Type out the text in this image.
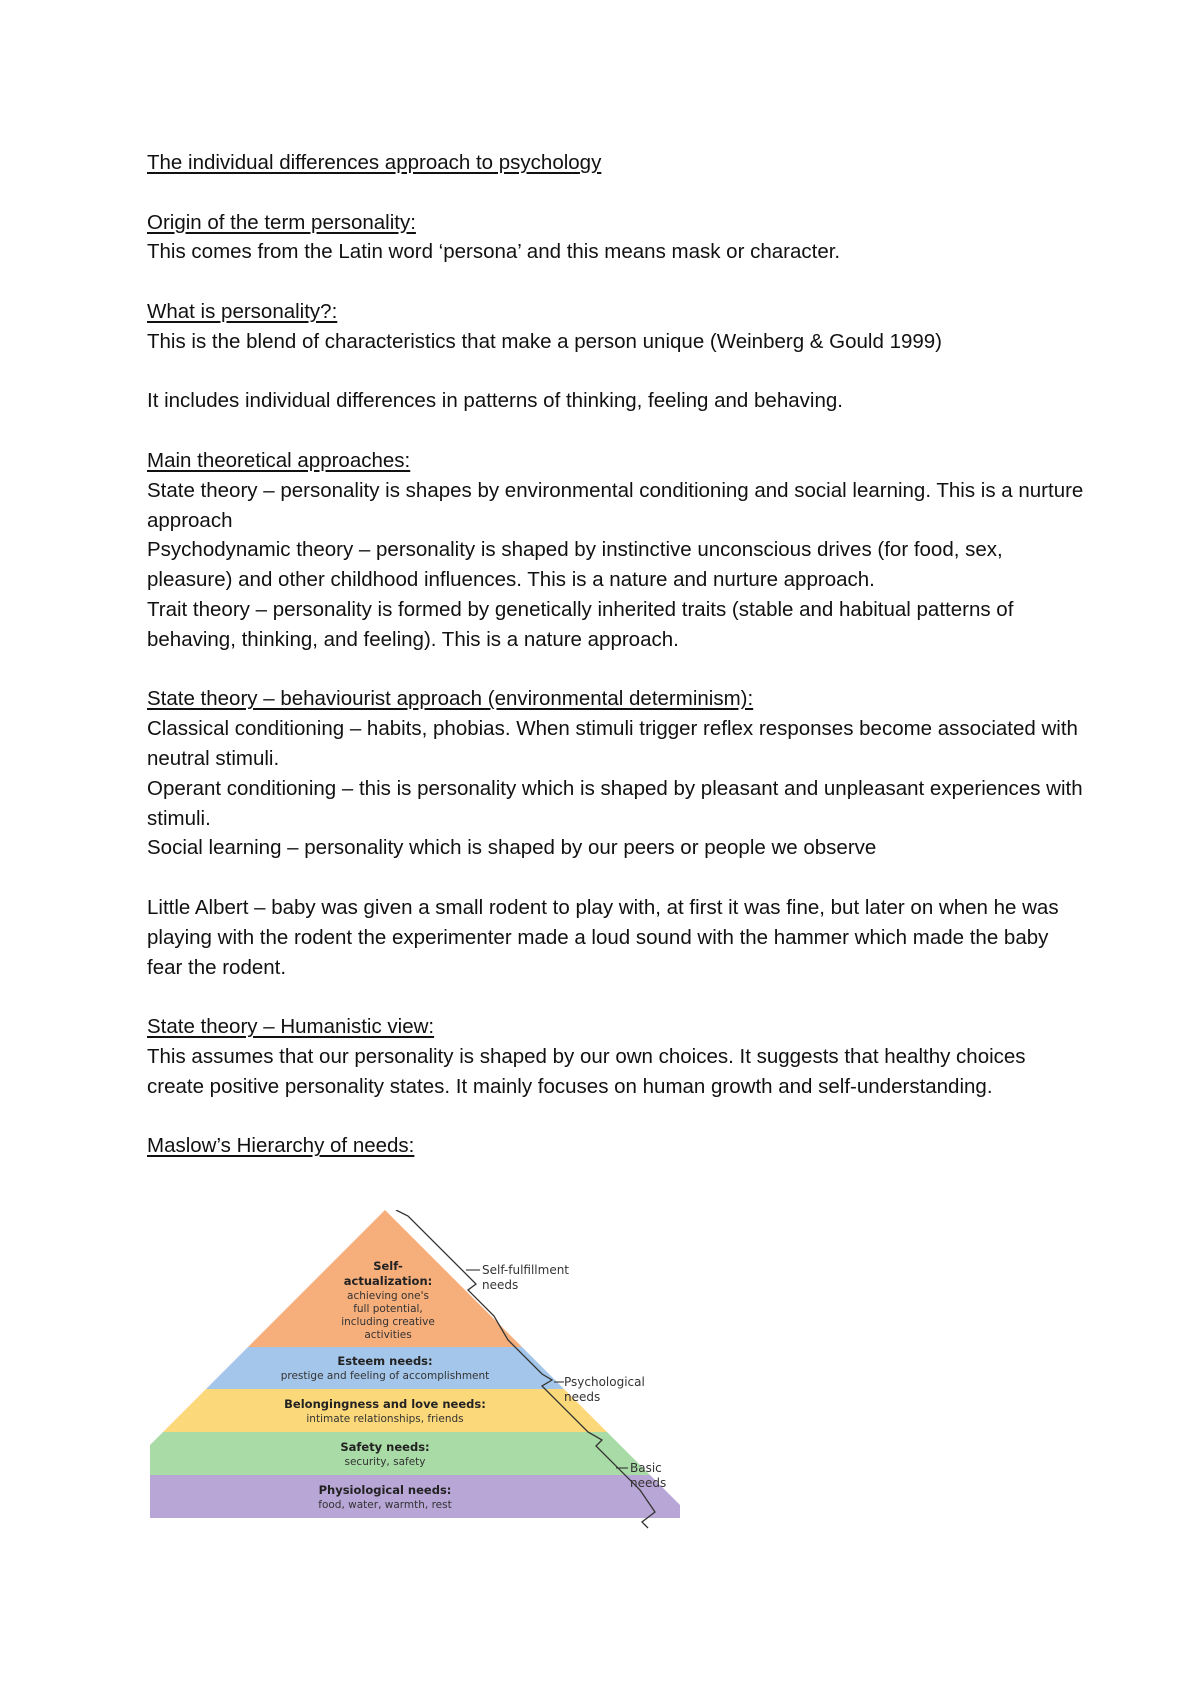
The individual differences approach to psychology

Origin of the term personality:

This comes from the Latin word ‘persona’ and this means mask or character.

What is personality?:

This is the blend of characteristics that make a person unique (Weinberg & Gould 1999)

It includes individual differences in patterns of thinking, feeling and behaving.

Main theoretical approaches:

State theory – personality is shapes by environmental conditioning and social learning. This is a nurture approach

Psychodynamic theory – personality is shaped by instinctive unconscious drives (for food, sex, pleasure) and other childhood influences. This is a nature and nurture approach.

Trait theory – personality is formed by genetically inherited traits (stable and habitual patterns of behaving, thinking, and feeling). This is a nature approach.

State theory – behaviourist approach (environmental determinism):

Classical conditioning – habits, phobias. When stimuli trigger reflex responses become associated with neutral stimuli.

Operant conditioning – this is personality which is shaped by pleasant and unpleasant experiences with stimuli.

Social learning – personality which is shaped by our peers or people we observe

Little Albert – baby was given a small rodent to play with, at first it was fine, but later on when he was playing with the rodent the experimenter made a loud sound with the hammer which made the baby fear the rodent.

State theory – Humanistic view:

This assumes that our personality is shaped by our own choices. It suggests that healthy choices create positive personality states. It mainly focuses on human growth and self-understanding.

Maslow’s Hierarchy of needs:

Self-
actualization:
achieving one's
full potential,
including creative
activities
Esteem needs:
prestige and feeling of accomplishment
Belongingness and love needs:
intimate relationships, friends
Safety needs:
security, safety
Physiological needs:
food, water, warmth, rest
Self-fulfillment
needs
Psychological
needs
Basic
needs
